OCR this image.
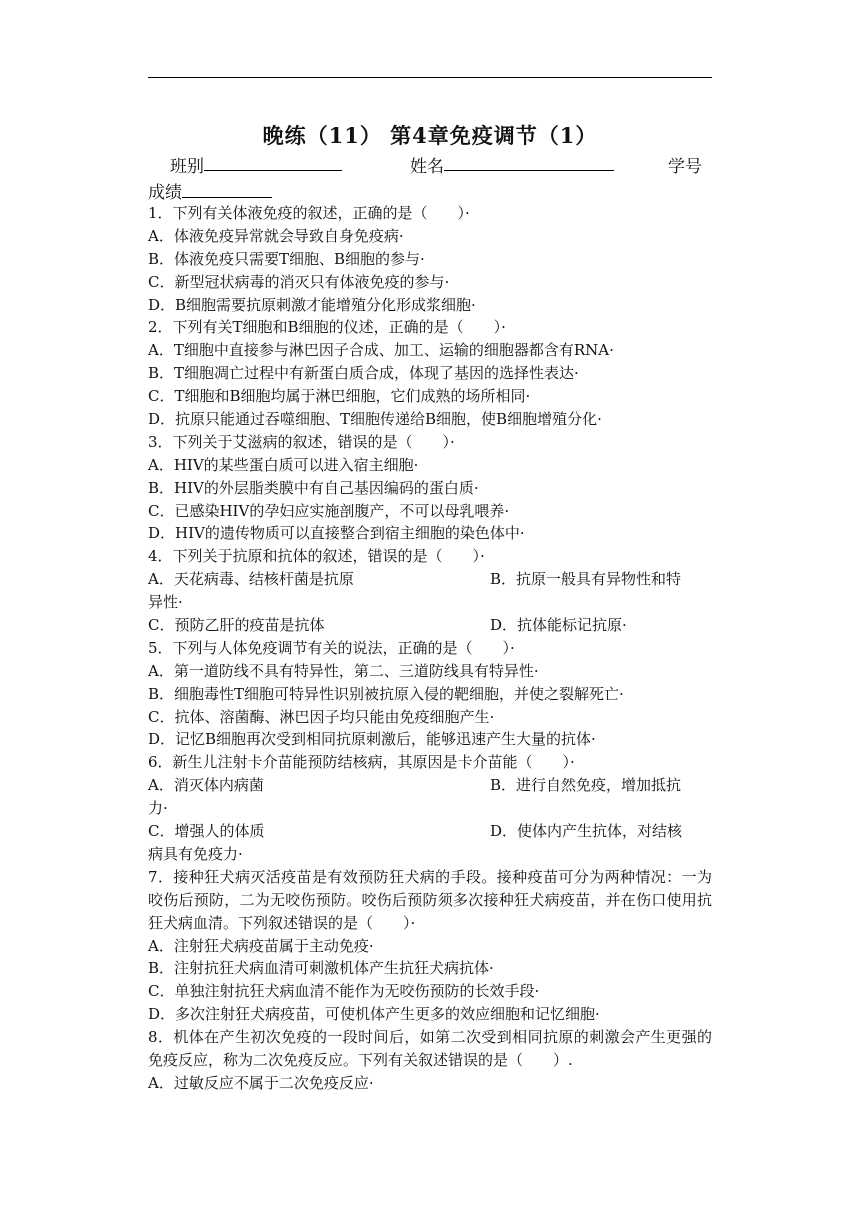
晚练（11） 第4章免疫调节（1）
班别	姓名	学号
成绩
1．下列有关体液免疫的叙述，正确的是（　　）·
A．体液免疫异常就会导致自身免疫病·
B．体液免疫只需要T细胞、B细胞的参与·
C．新型冠状病毒的消灭只有体液免疫的参与·
D．B细胞需要抗原刺激才能增殖分化形成浆细胞·
2．下列有关T细胞和B细胞的仪述，正确的是（　　）·
A．T细胞中直接参与淋巴因子合成、加工、运输的细胞器都含有RNA·
B．T细胞凋亡过程中有新蛋白质合成，体现了基因的选择性表达·
C．T细胞和B细胞均属于淋巴细胞，它们成熟的场所相同·
D．抗原只能通过吞噬细胞、T细胞传递给B细胞，使B细胞增殖分化·
3．下列关于艾滋病的叙述，错误的是（　　）·
A．HIV的某些蛋白质可以进入宿主细胞·
B．HIV的外层脂类膜中有自己基因编码的蛋白质·
C．已感染HIV的孕妇应实施剖腹产，不可以母乳喂养·
D．HIV的遗传物质可以直接整合到宿主细胞的染色体中·
4．下列关于抗原和抗体的叙述，错误的是（　　）·
A．天花病毒、结核杆菌是抗原	B．抗原一般具有异物性和特
异性·
C．预防乙肝的疫苗是抗体	D．抗体能标记抗原·
5．下列与人体免疫调节有关的说法，正确的是（　　）·
A．第一道防线不具有特异性，第二、三道防线具有特异性·
B．细胞毒性T细胞可特异性识别被抗原入侵的靶细胞，并使之裂解死亡·
C．抗体、溶菌酶、淋巴因子均只能由免疫细胞产生·
D．记忆B细胞再次受到相同抗原刺激后，能够迅速产生大量的抗体·
6．新生儿注射卡介苗能预防结核病，其原因是卡介苗能（　　）·
A．消灭体内病菌	B．进行自然免疫，增加抵抗
力·
C．增强人的体质	D．使体内产生抗体，对结核
病具有免疫力·
7．接种狂犬病灭活疫苗是有效预防狂犬病的手段。接种疫苗可分为两种情况：一为咬伤后预防，二为无咬伤预防。咬伤后预防须多次接种狂犬病疫苗，并在伤口使用抗狂犬病血清。下列叙述错误的是（　　）·
A．注射狂犬病疫苗属于主动免疫·
B．注射抗狂犬病血清可刺激机体产生抗狂犬病抗体·
C．单独注射抗狂犬病血清不能作为无咬伤预防的长效手段·
D．多次注射狂犬病疫苗，可使机体产生更多的效应细胞和记忆细胞·
8．机体在产生初次免疫的一段时间后，如第二次受到相同抗原的刺激会产生更强的免疫反应，称为二次免疫反应。下列有关叙述错误的是（　　）.
A．过敏反应不属于二次免疫反应·
